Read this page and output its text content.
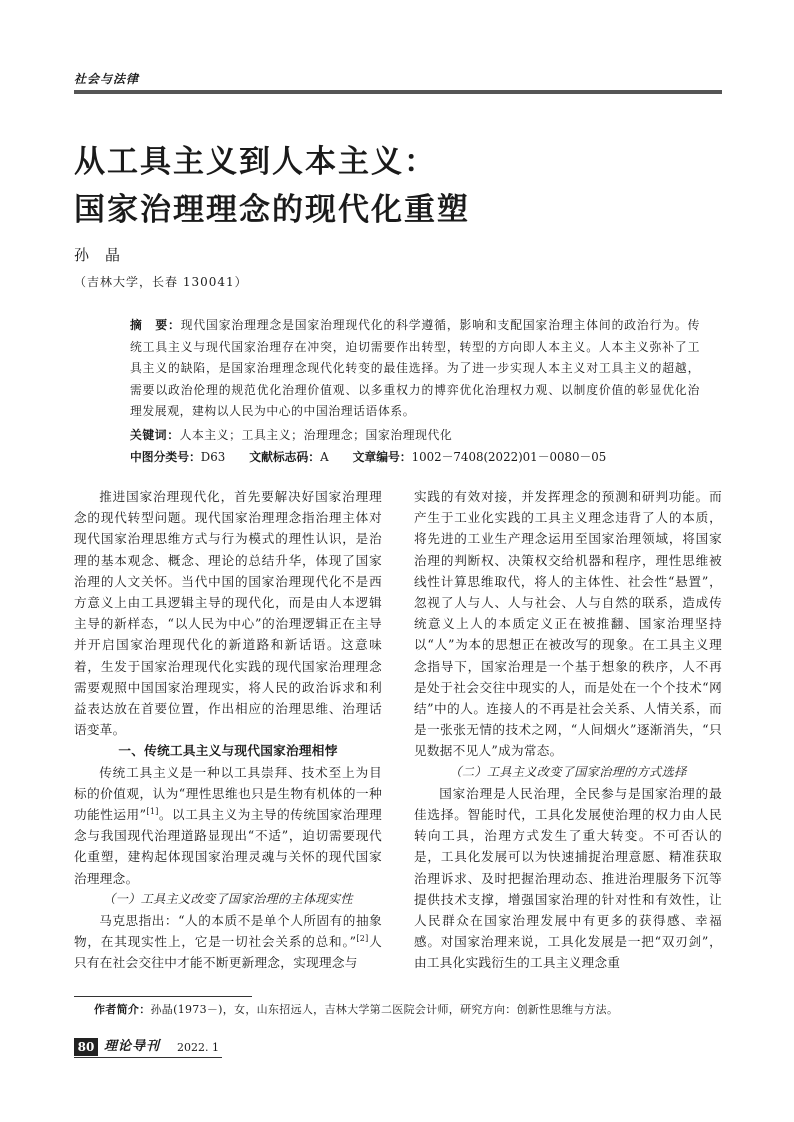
社会与法律
从工具主义到人本主义：
国家治理理念的现代化重塑
孙晶
（吉林大学，长春 130041）
摘　要：现代国家治理理念是国家治理现代化的科学遵循，影响和支配国家治理主体间的政治行为。传统工具主义与现代国家治理存在冲突，迫切需要作出转型，转型的方向即人本主义。人本主义弥补了工具主义的缺陷，是国家治理理念现代化转变的最佳选择。为了进一步实现人本主义对工具主义的超越，需要以政治伦理的规范优化治理价值观、以多重权力的博弈优化治理权力观、以制度价值的彰显优化治理发展观，建构以人民为中心的中国治理话语体系。
关键词：人本主义；工具主义；治理理念；国家治理现代化
中图分类号：D63 文献标志码：A 文章编号：1002－7408(2022)01－0080－05

推进国家治理现代化，首先要解决好国家治理理念的现代转型问题。现代国家治理理念指治理主体对现代国家治理思维方式与行为模式的理性认识，是治理的基本观念、概念、理论的总结升华，体现了国家治理的人文关怀。当代中国的国家治理现代化不是西方意义上由工具逻辑主导的现代化，而是由人本逻辑主导的新样态，“以人民为中心”的治理逻辑正在主导并开启国家治理现代化的新道路和新话语。这意味着，生发于国家治理现代化实践的现代国家治理理念需要观照中国国家治理现实，将人民的政治诉求和利益表达放在首要位置，作出相应的治理思维、治理话语变革。

一、传统工具主义与现代国家治理相悖

传统工具主义是一种以工具崇拜、技术至上为目标的价值观，认为“理性思维也只是生物有机体的一种功能性运用”[1]。以工具主义为主导的传统国家治理理念与我国现代治理道路显现出“不适”，迫切需要现代化重塑，建构起体现国家治理灵魂与关怀的现代国家治理理念。

（一）工具主义改变了国家治理的主体现实性

马克思指出：“人的本质不是单个人所固有的抽象物，在其现实性上，它是一切社会关系的总和。”[2]人只有在社会交往中才能不断更新理念，实现理念与

实践的有效对接，并发挥理念的预测和研判功能。而产生于工业化实践的工具主义理念违背了人的本质，将先进的工业生产理念运用至国家治理领域，将国家治理的判断权、决策权交给机器和程序，理性思维被线性计算思维取代，将人的主体性、社会性“悬置”，忽视了人与人、人与社会、人与自然的联系，造成传统意义上人的本质定义正在被推翻、国家治理坚持以“人”为本的思想正在被改写的现象。在工具主义理念指导下，国家治理是一个基于想象的秩序，人不再是处于社会交往中现实的人，而是处在一个个技术“网结”中的人。连接人的不再是社会关系、人情关系，而是一张张无情的技术之网，“人间烟火”逐渐消失，“只见数据不见人”成为常态。

（二）工具主义改变了国家治理的方式选择

国家治理是人民治理，全民参与是国家治理的最佳选择。智能时代，工具化发展使治理的权力由人民转向工具，治理方式发生了重大转变。不可否认的是，工具化发展可以为快速捕捉治理意愿、精准获取治理诉求、及时把握治理动态、推进治理服务下沉等提供技术支撑，增强国家治理的针对性和有效性，让人民群众在国家治理发展中有更多的获得感、幸福感。对国家治理来说，工具化发展是一把“双刃剑”，由工具化实践衍生的工具主义理念重

作者简介：孙晶(1973－)，女，山东招远人，吉林大学第二医院会计师，研究方向：创新性思维与方法。
80 理论导刊 2022. 1
